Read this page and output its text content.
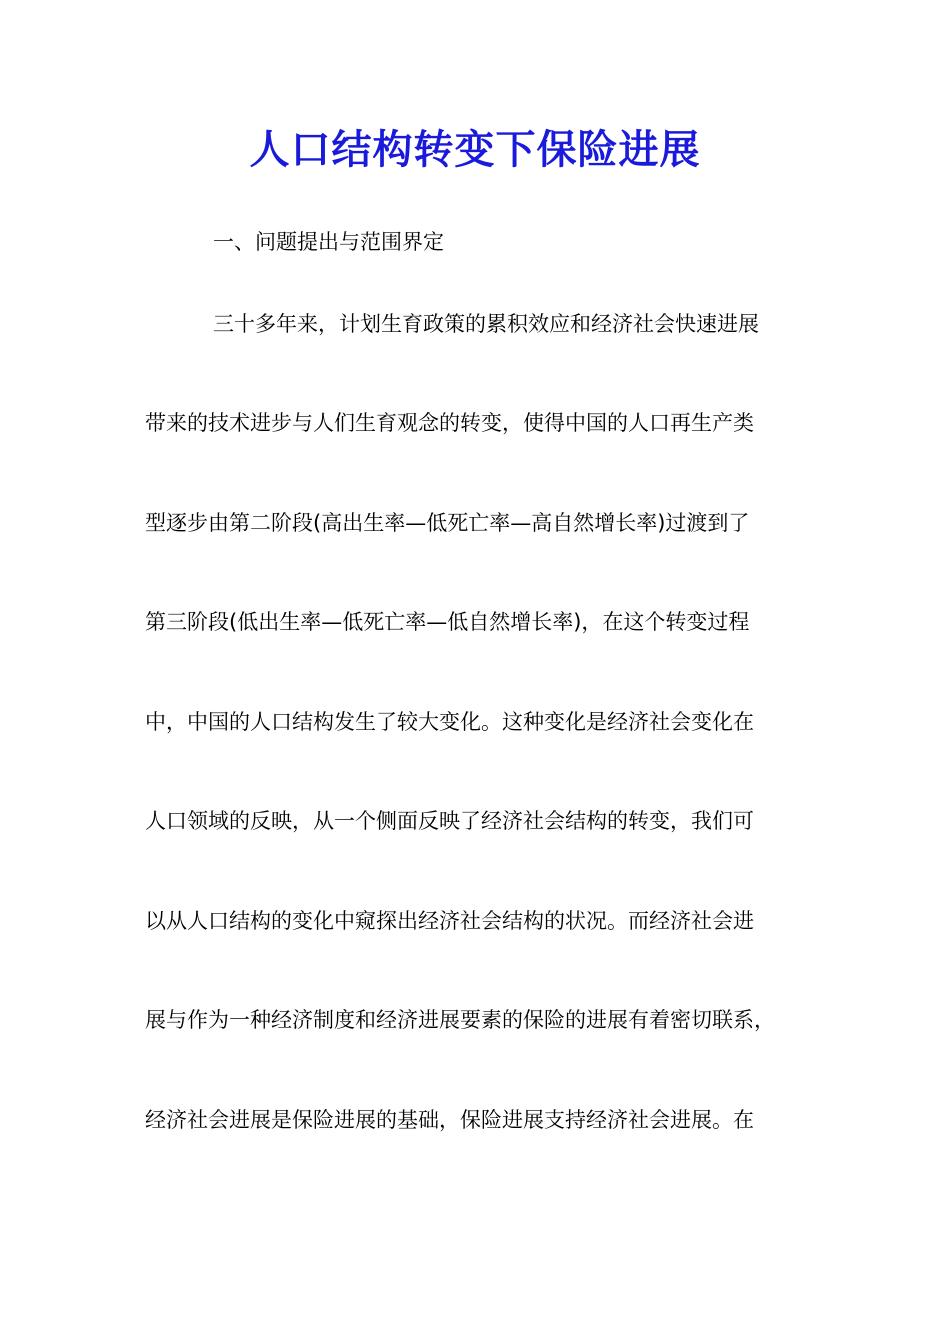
人口结构转变下保险进展
一、问题提出与范围界定
三十多年来，计划生育政策的累积效应和经济社会快速进展
带来的技术进步与人们生育观念的转变，使得中国的人口再生产类
型逐步由第二阶段(高出生率—低死亡率—高自然增长率)过渡到了
第三阶段(低出生率—低死亡率—低自然增长率)，在这个转变过程
中，中国的人口结构发生了较大变化。这种变化是经济社会变化在
人口领域的反映，从一个侧面反映了经济社会结构的转变，我们可
以从人口结构的变化中窥探出经济社会结构的状况。而经济社会进
展与作为一种经济制度和经济进展要素的保险的进展有着密切联系，
经济社会进展是保险进展的基础，保险进展支持经济社会进展。在
